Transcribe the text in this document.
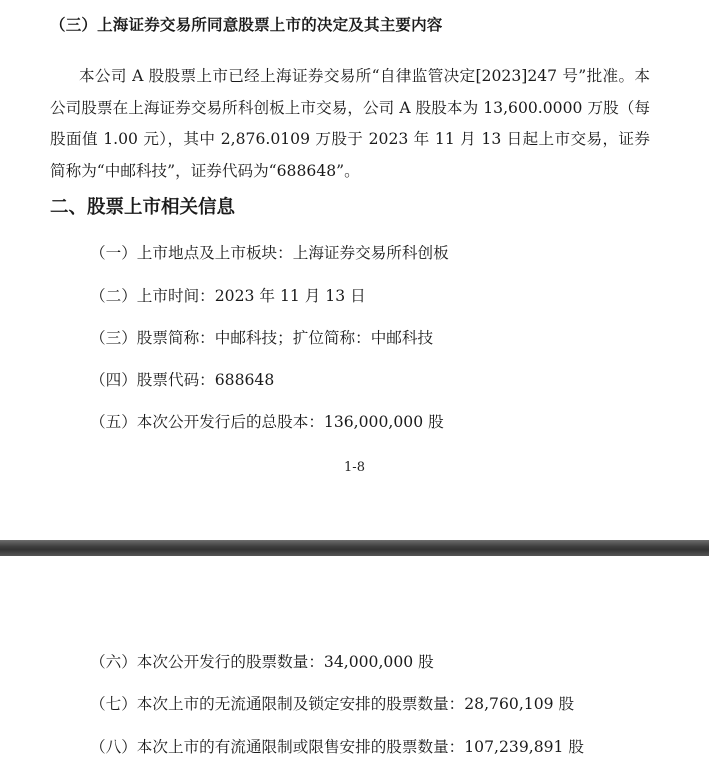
（三）上海证券交易所同意股票上市的决定及其主要内容

本公司 A 股股票上市已经上海证券交易所“自律监管决定[2023]247 号”批准。本公司股票在上海证券交易所科创板上市交易，公司 A 股股本为 13,600.0000 万股（每股面值 1.00 元），其中 2,876.0109 万股于 2023 年 11 月 13 日起上市交易，证券简称为“中邮科技”，证券代码为“688648”。

二、股票上市相关信息

（一）上市地点及上市板块：上海证券交易所科创板

（二）上市时间：2023 年 11 月 13 日

（三）股票简称：中邮科技；扩位简称：中邮科技

（四）股票代码：688648

（五）本次公开发行后的总股本：136,000,000 股

1-8

（六）本次公开发行的股票数量：34,000,000 股

（七）本次上市的无流通限制及锁定安排的股票数量：28,760,109 股

（八）本次上市的有流通限制或限售安排的股票数量：107,239,891 股
